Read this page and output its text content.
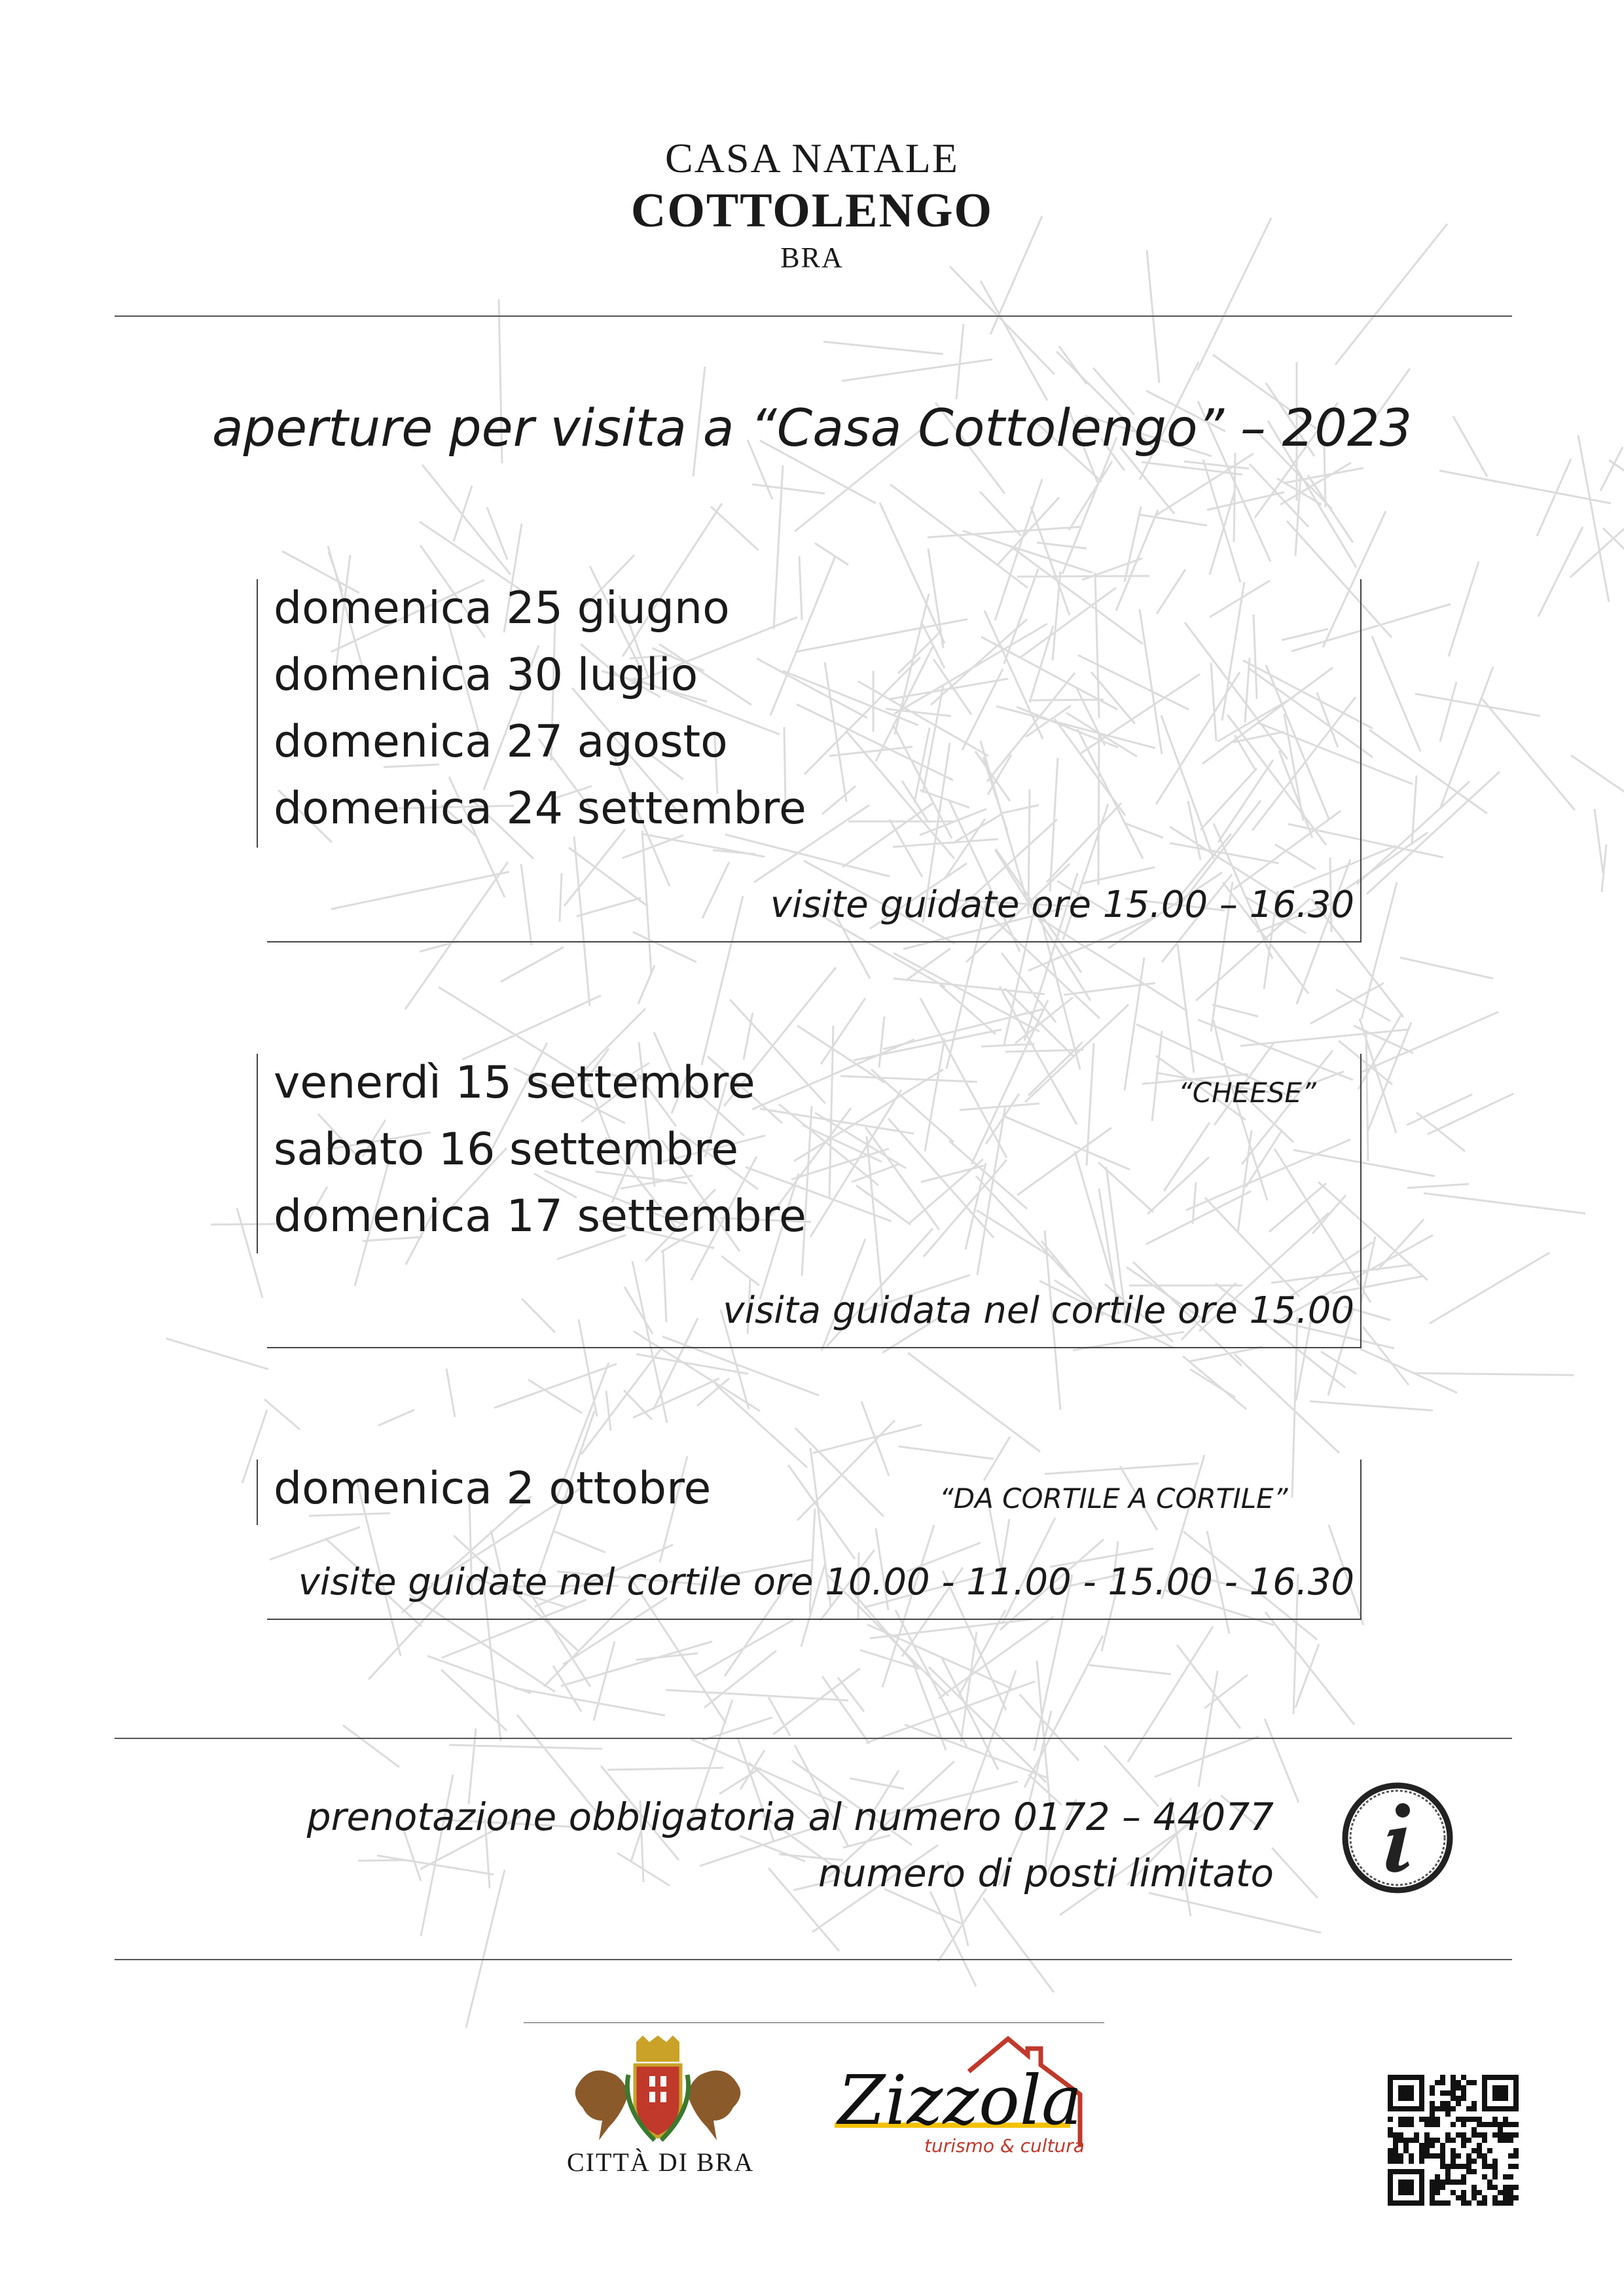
CASA NATALE
COTTOLENGO
BRA
aperture per visita a “Casa Cottolengo” – 2023
domenica 25 giugno
domenica 30 luglio
domenica 27 agosto
domenica 24 settembre
visite guidate ore 15.00 – 16.30
venerdì 15 settembre	“CHEESE”
sabato 16 settembre
domenica 17 settembre
visita guidata nel cortile ore 15.00
domenica 2 ottobre	“DA CORTILE A CORTILE”
visite guidate nel cortile ore 10.00 - 11.00 - 15.00 - 16.30
prenotazione obbligatoria al numero 0172 – 44077
numero di posti limitato
CITTÀ DI BRA
Zizzola
turismo & cultura
